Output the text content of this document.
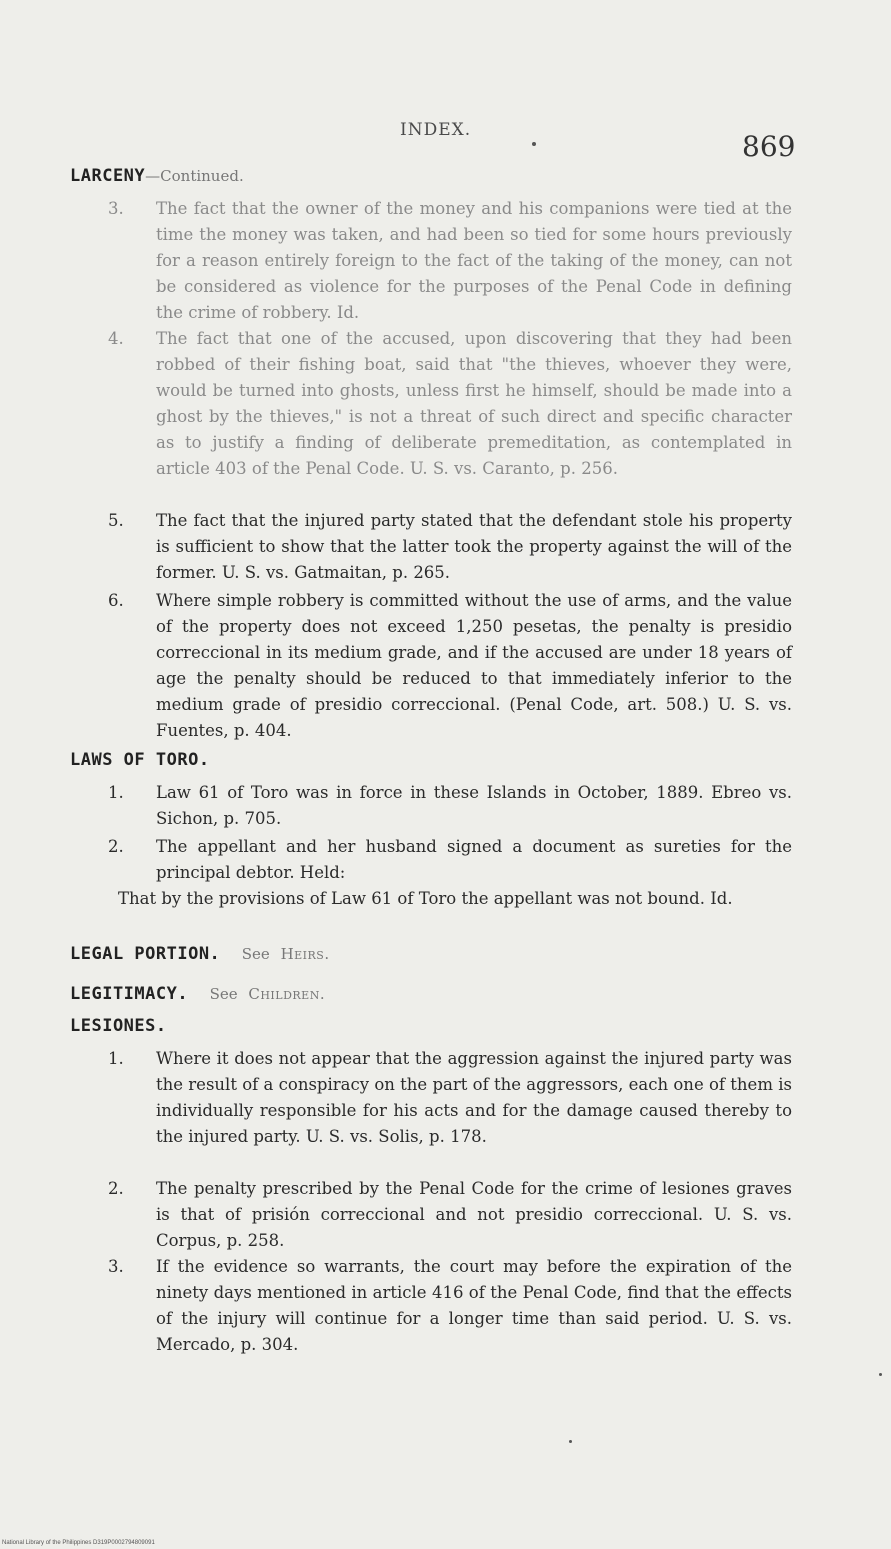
INDEX.	869
LARCENY—Continued.
3. The fact that the owner of the money and his companions were tied at the time the money was taken, and had been so tied for some hours previously for a reason entirely foreign to the fact of the taking of the money, can not be considered as violence for the purposes of the Penal Code in defining the crime of robbery. Id.
4. The fact that one of the accused, upon discovering that they had been robbed of their fishing boat, said that "the thieves, whoever they were, would be turned into ghosts, unless first he himself, should be made into a ghost by the thieves," is not a threat of such direct and specific character as to justify a finding of deliberate premeditation, as contemplated in article 403 of the Penal Code. U. S. vs. Caranto, p. 256.
5. The fact that the injured party stated that the defendant stole his property is sufficient to show that the latter took the property against the will of the former. U. S. vs. Gatmaitan, p. 265.
6. Where simple robbery is committed without the use of arms, and the value of the property does not exceed 1,250 pesetas, the penalty is presidio correccional in its medium grade, and if the accused are under 18 years of age the penalty should be reduced to that immediately inferior to the medium grade of presidio correccional. (Penal Code, art. 508.) U. S. vs. Fuentes, p. 404.
LAWS OF TORO.
1. Law 61 of Toro was in force in these Islands in October, 1889. Ebreo vs. Sichon, p. 705.
2. The appellant and her husband signed a document as sureties for the principal debtor. Held:
That by the provisions of Law 61 of Toro the appellant was not bound. Id.
LEGAL PORTION. See Heirs.
LEGITIMACY. See Children.
LESIONES.
1. Where it does not appear that the aggression against the injured party was the result of a conspiracy on the part of the aggressors, each one of them is individually responsible for his acts and for the damage caused thereby to the injured party. U. S. vs. Solis, p. 178.
2. The penalty prescribed by the Penal Code for the crime of lesiones graves is that of prisión correccional and not presidio correccional. U. S. vs. Corpus, p. 258.
3. If the evidence so warrants, the court may before the expiration of the ninety days mentioned in article 416 of the Penal Code, find that the effects of the injury will continue for a longer time than said period. U. S. vs. Mercado, p. 304.
National Library of the Philippines D319P0002794809091
